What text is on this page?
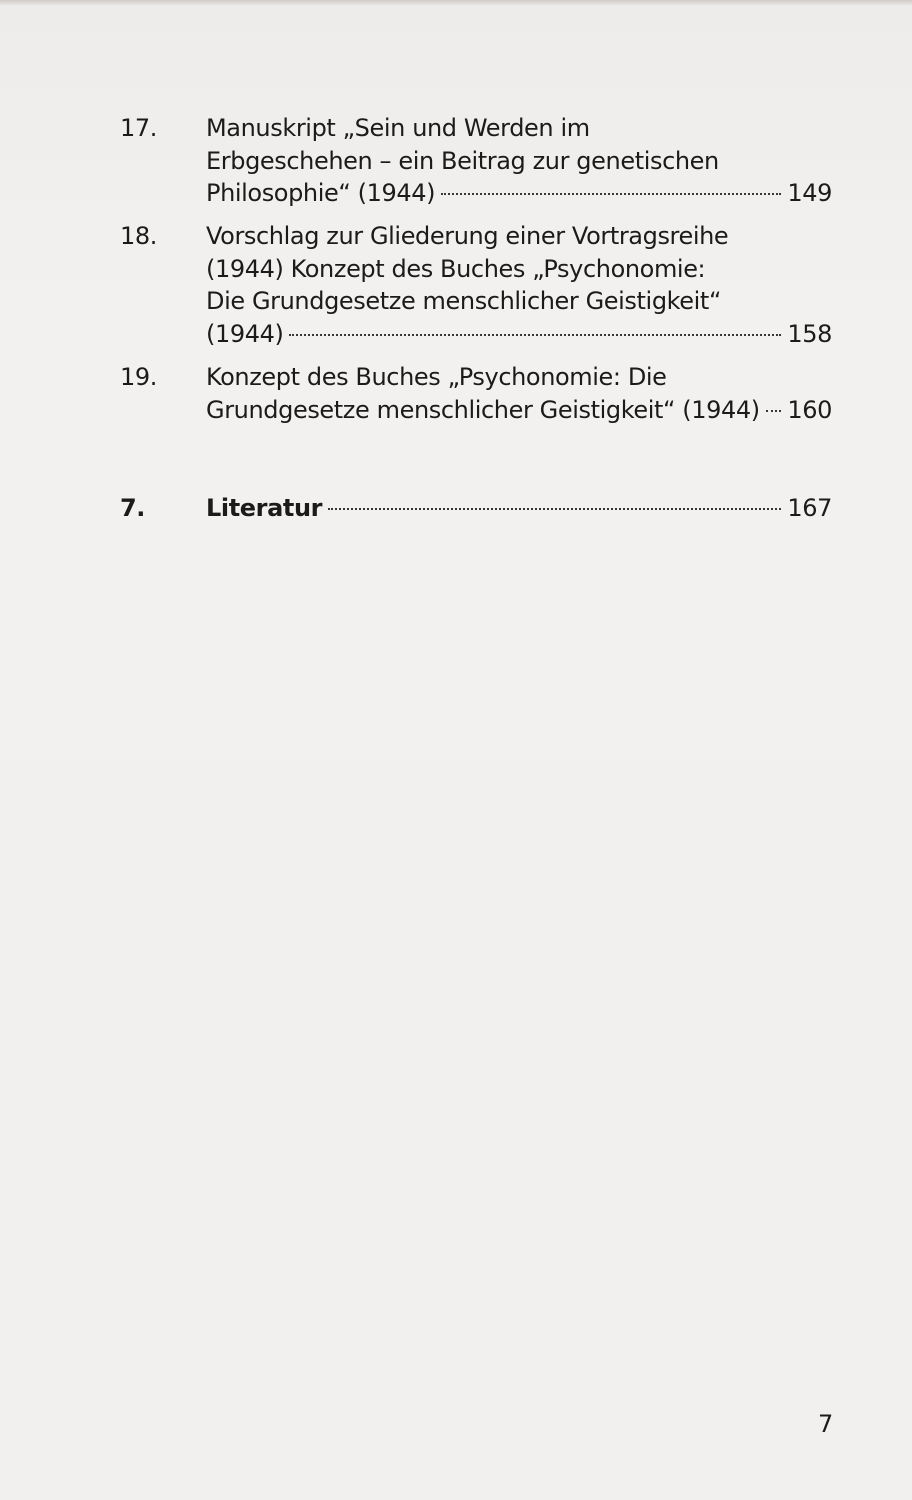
17. Manuskript „Sein und Werden im
Erbgeschehen – ein Beitrag zur genetischen
Philosophie“ (1944)	149
18. Vorschlag zur Gliederung einer Vortragsreihe
(1944) Konzept des Buches „Psychonomie:
Die Grundgesetze menschlicher Geistigkeit“
(1944)	158
19. Konzept des Buches „Psychonomie: Die
Grundgesetze menschlicher Geistigkeit“ (1944) 160
7.	Literatur	167
7
